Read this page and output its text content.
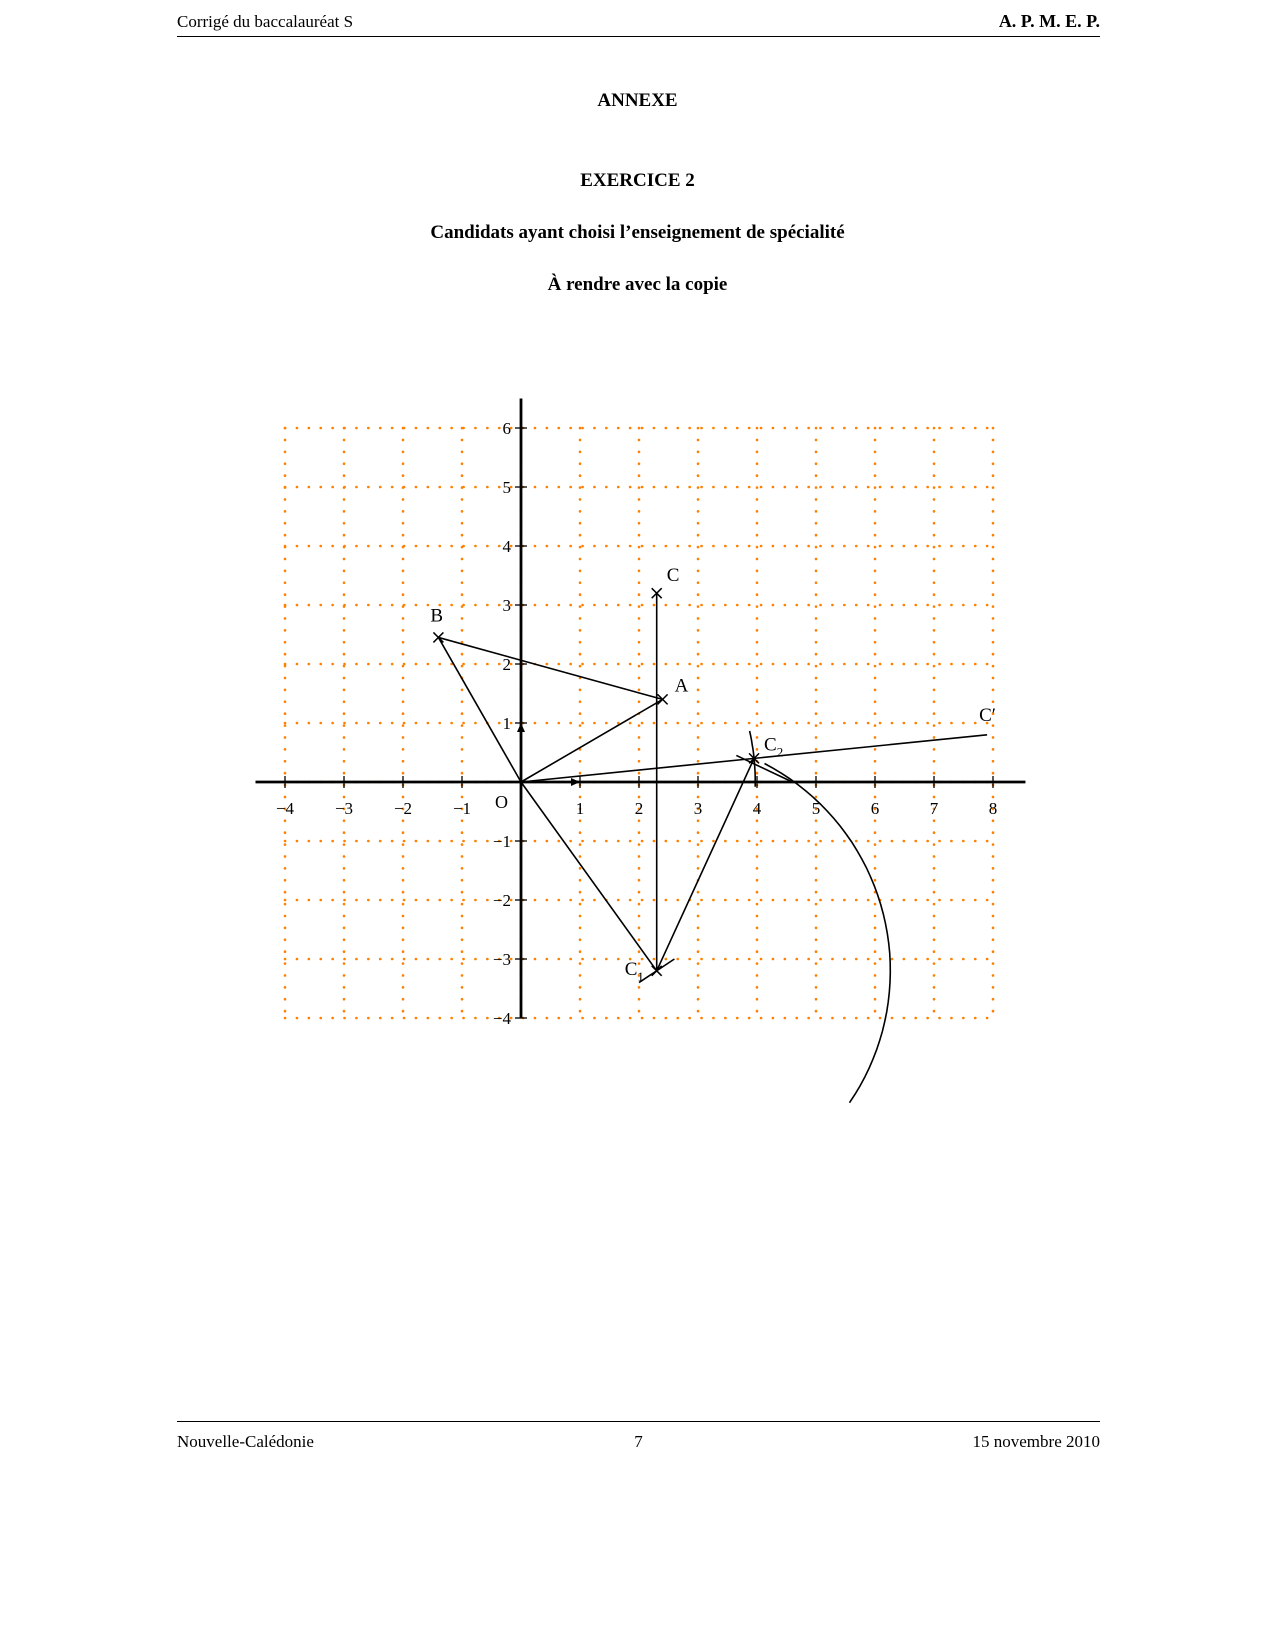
Corrigé du baccalauréat S	A. P. M. E. P.
ANNEXE
EXERCICE 2
Candidats ayant choisi l’enseignement de spécialité
À rendre avec la copie
−4 −3 −2 −1	1	2	3	4	5	6	7	8
6
5
4
3
2
1
−1
−2
−3
−4
O
A
B
C
$C_1$
$C_2$
C′
Nouvelle-Calédonie	7	15 novembre 2010
